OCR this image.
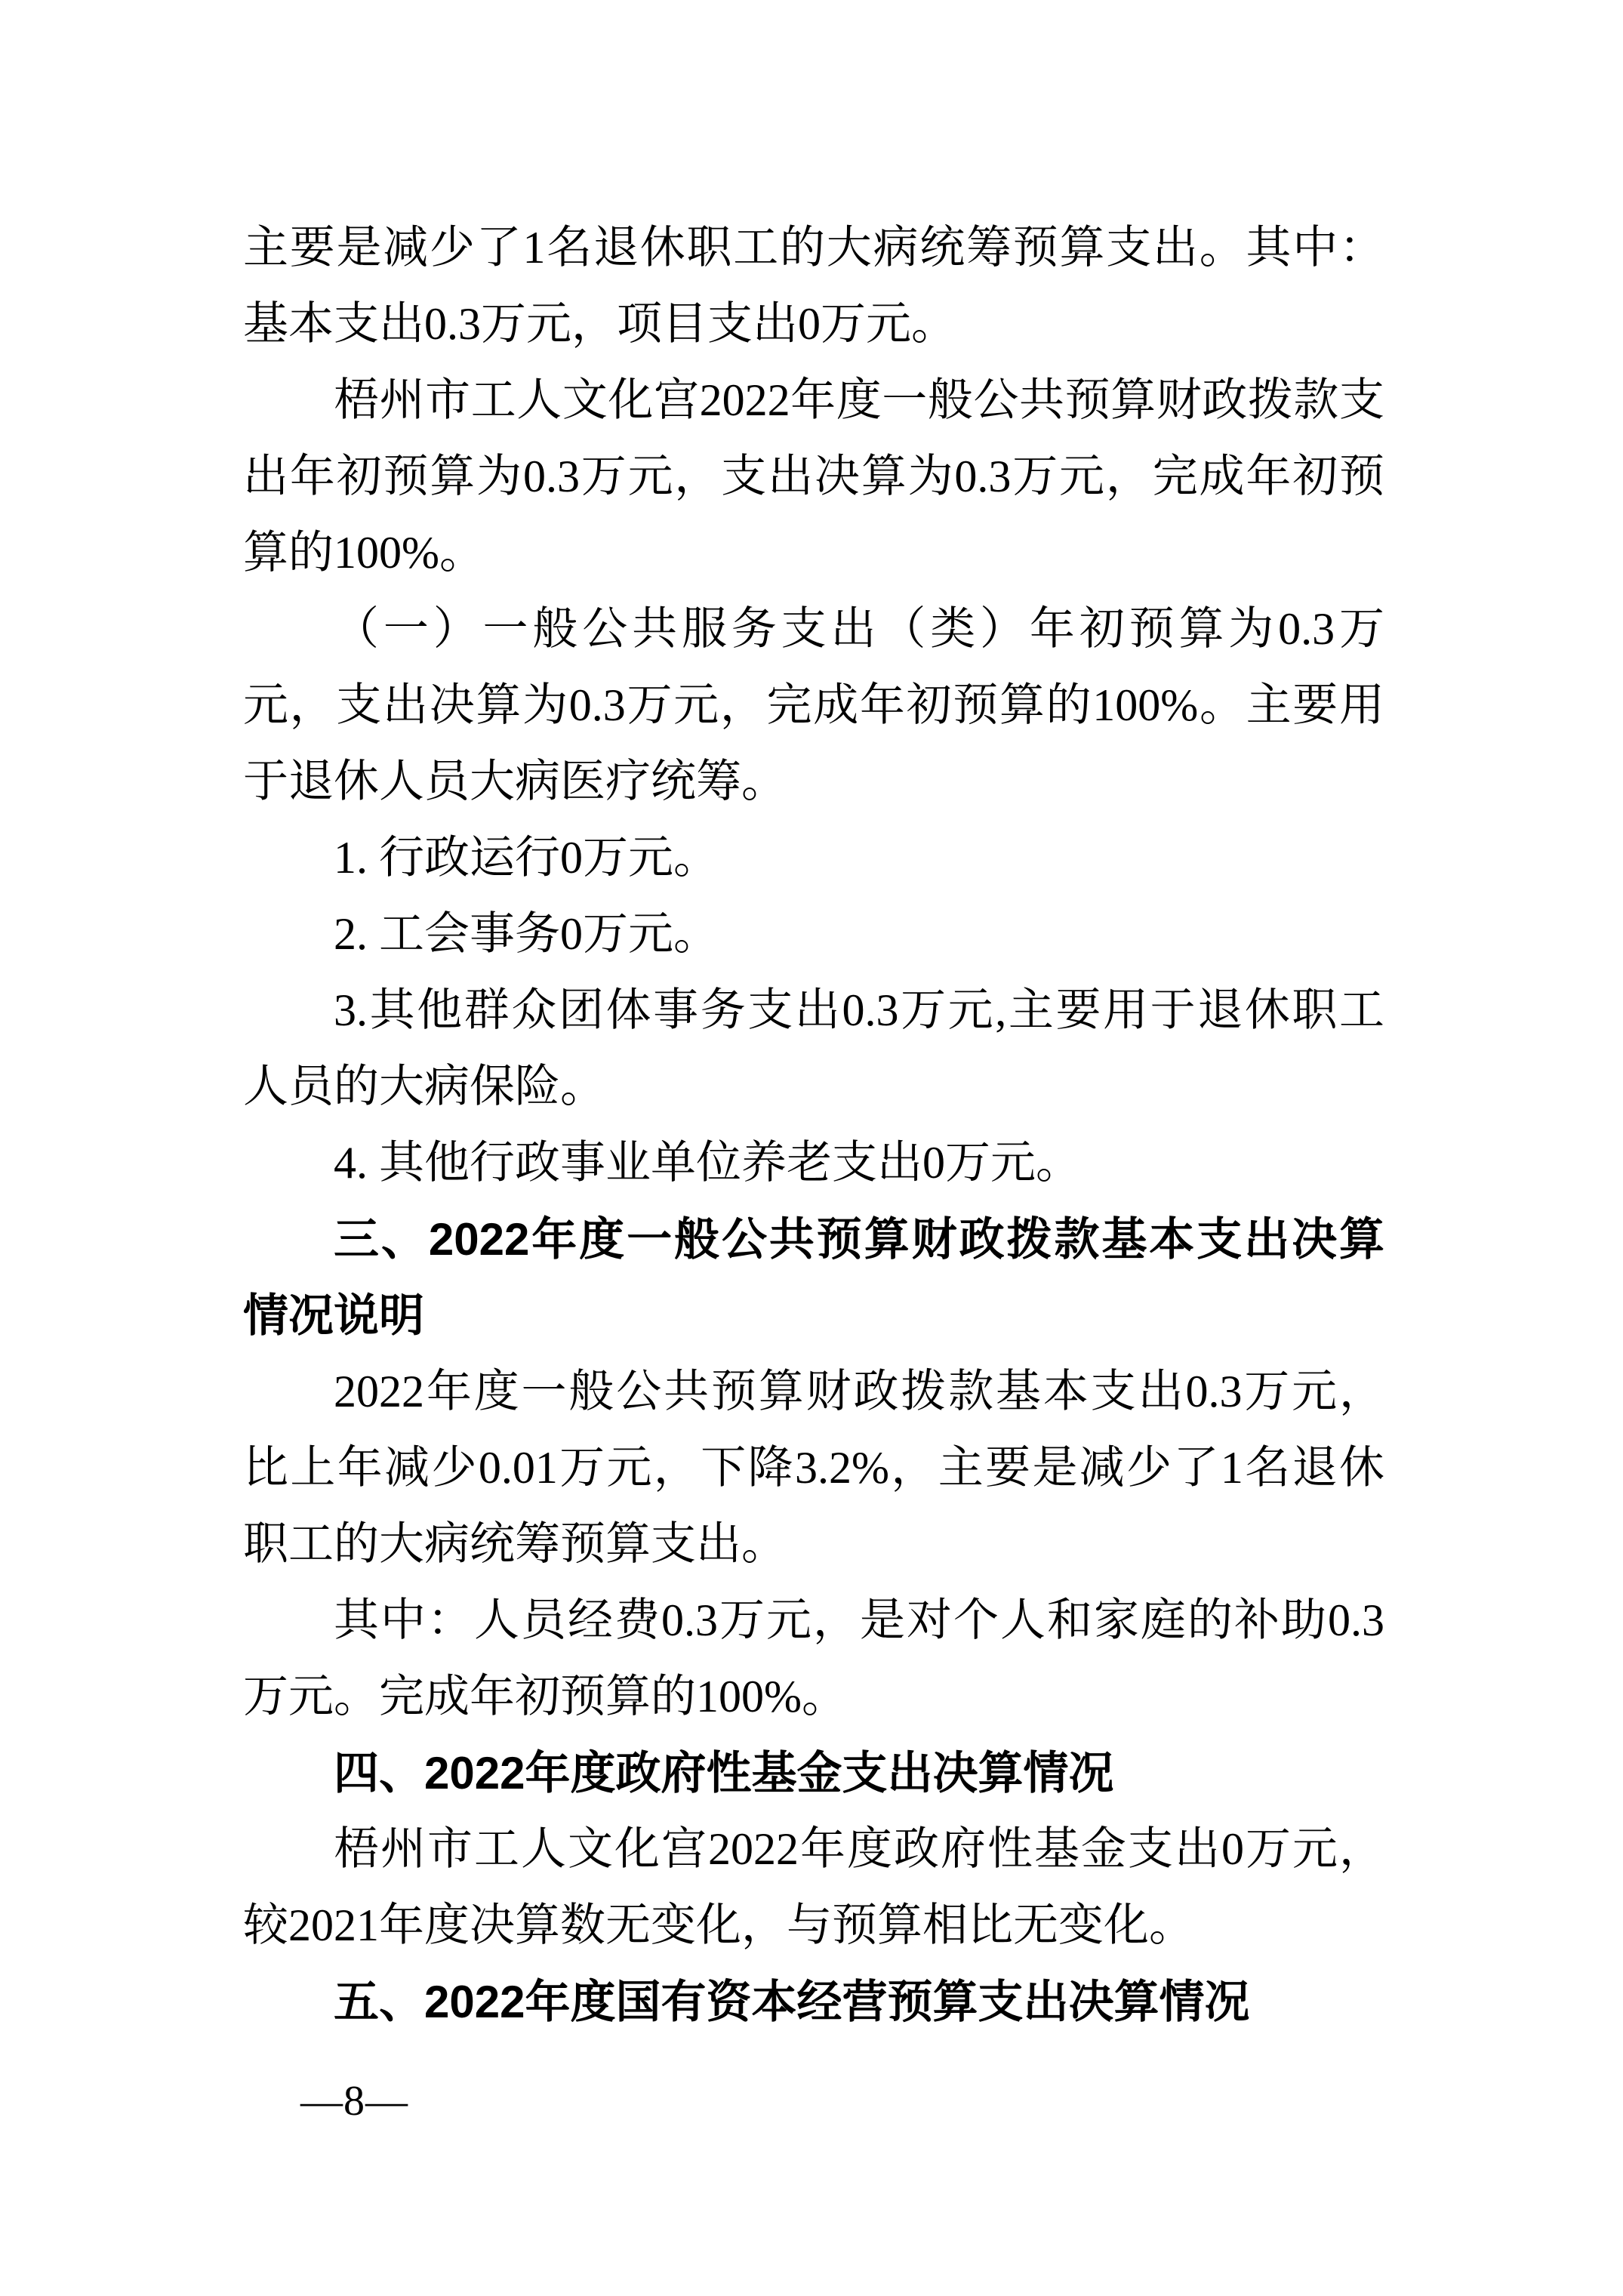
主要是减少了1名退休职工的大病统筹预算支出。其中：基本支出0.3万元，项目支出0万元。

梧州市工人文化宫2022年度一般公共预算财政拨款支出年初预算为0.3万元，支出决算为0.3万元，完成年初预算的100%。

（一）一般公共服务支出（类）年初预算为0.3万元，支出决算为0.3万元，完成年初预算的100%。主要用于退休人员大病医疗统筹。

1. 行政运行0万元。

2. 工会事务0万元。

3.其他群众团体事务支出0.3万元,主要用于退休职工人员的大病保险。

4. 其他行政事业单位养老支出0万元。

三、2022年度一般公共预算财政拨款基本支出决算情况说明

2022年度一般公共预算财政拨款基本支出0.3万元，比上年减少0.01万元，下降3.2%，主要是减少了1名退休职工的大病统筹预算支出。

其中：人员经费0.3万元，是对个人和家庭的补助0.3万元。完成年初预算的100%。

四、2022年度政府性基金支出决算情况

梧州市工人文化宫2022年度政府性基金支出0万元，较2021年度决算数无变化，与预算相比无变化。

五、2022年度国有资本经营预算支出决算情况

—8—
